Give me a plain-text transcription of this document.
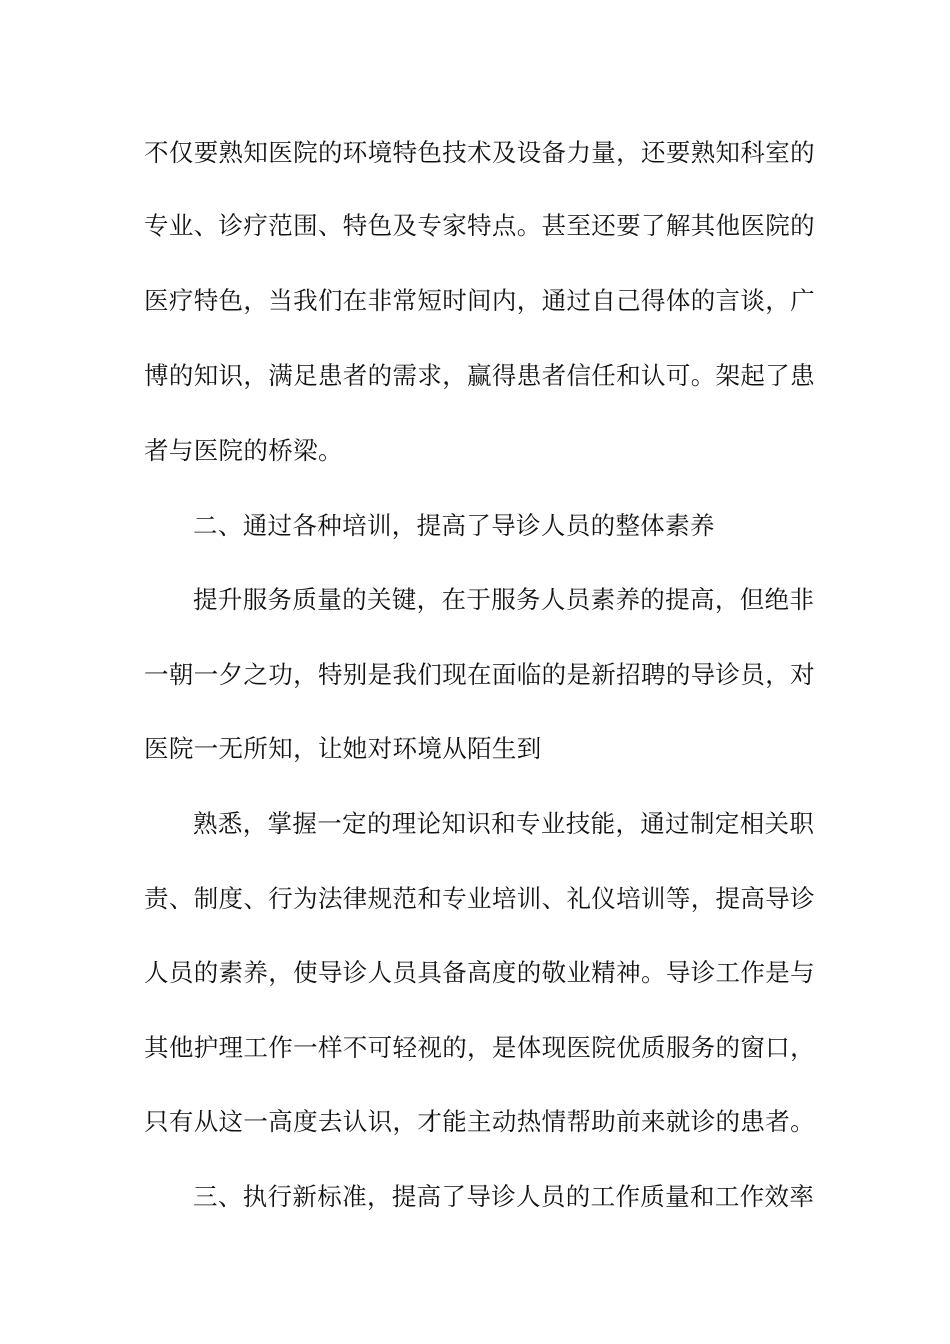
不仅要熟知医院的环境特色技术及设备力量，还要熟知科室的
专业、诊疗范围、特色及专家特点。甚至还要了解其他医院的
医疗特色，当我们在非常短时间内，通过自己得体的言谈，广
博的知识，满足患者的需求，赢得患者信任和认可。架起了患
者与医院的桥梁。
二、通过各种培训，提高了导诊人员的整体素养
提升服务质量的关键，在于服务人员素养的提高，但绝非
一朝一夕之功，特别是我们现在面临的是新招聘的导诊员，对
医院一无所知，让她对环境从陌生到
熟悉，掌握一定的理论知识和专业技能，通过制定相关职
责、制度、行为法律规范和专业培训、礼仪培训等，提高导诊
人员的素养，使导诊人员具备高度的敬业精神。导诊工作是与
其他护理工作一样不可轻视的，是体现医院优质服务的窗口，
只有从这一高度去认识，才能主动热情帮助前来就诊的患者。
三、执行新标准，提高了导诊人员的工作质量和工作效率
